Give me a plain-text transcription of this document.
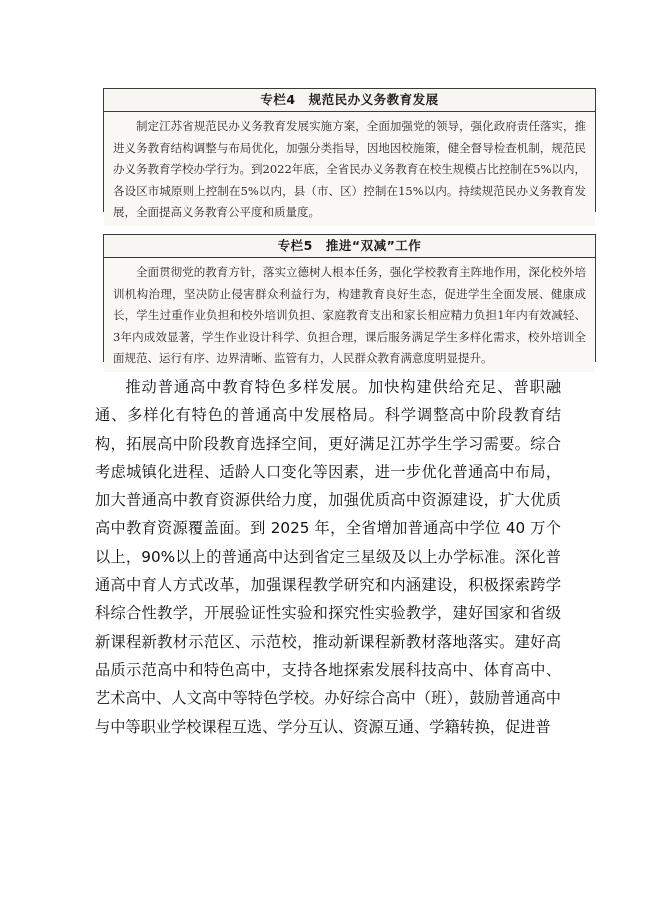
专栏4　规范民办义务教育发展
制定江苏省规范民办义务教育发展实施方案，全面加强党的领导，强化政府责任落实，推进义务教育结构调整与布局优化，加强分类指导，因地因校施策，健全督导检查机制，规范民办义务教育学校办学行为。到2022年底，全省民办义务教育在校生规模占比控制在5%以内，各设区市城原则上控制在5%以内，县（市、区）控制在15%以内。持续规范民办义务教育发展，全面提高义务教育公平度和质量度。
专栏5　推进“双减”工作
全面贯彻党的教育方针，落实立德树人根本任务，强化学校教育主阵地作用，深化校外培训机构治理，坚决防止侵害群众利益行为，构建教育良好生态，促进学生全面发展、健康成长，学生过重作业负担和校外培训负担、家庭教育支出和家长相应精力负担1年内有效减轻、3年内成效显著，学生作业设计科学、负担合理，课后服务满足学生多样化需求，校外培训全面规范、运行有序、边界清晰、监管有力，人民群众教育满意度明显提升。

推动普通高中教育特色多样发展。加快构建供给充足、普职融通、多样化有特色的普通高中发展格局。科学调整高中阶段教育结构，拓展高中阶段教育选择空间，更好满足江苏学生学习需要。综合考虑城镇化进程、适龄人口变化等因素，进一步优化普通高中布局，加大普通高中教育资源供给力度，加强优质高中资源建设，扩大优质高中教育资源覆盖面。到 2025 年，全省增加普通高中学位 40 万个以上，90%以上的普通高中达到省定三星级及以上办学标准。深化普通高中育人方式改革，加强课程教学研究和内涵建设，积极探索跨学科综合性教学，开展验证性实验和探究性实验教学，建好国家和省级新课程新教材示范区、示范校，推动新课程新教材落地落实。建好高品质示范高中和特色高中，支持各地探索发展科技高中、体育高中、艺术高中、人文高中等特色学校。办好综合高中（班），鼓励普通高中与中等职业学校课程互选、学分互认、资源互通、学籍转换，促进普
